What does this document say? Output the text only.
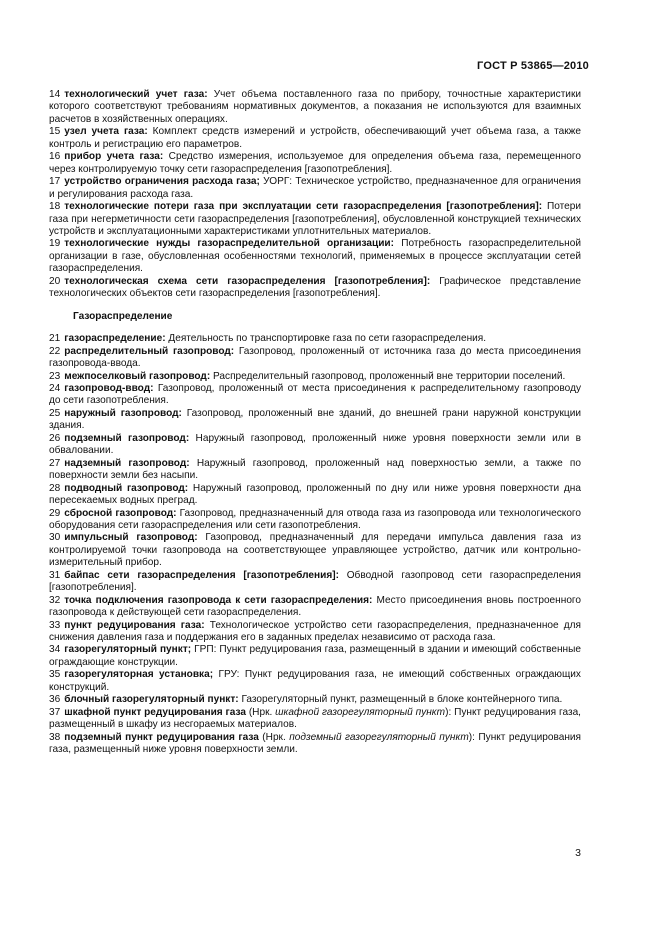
ГОСТ Р 53865—2010

14 технологический учет газа: Учет объема поставленного газа по прибору, точностные характеристики которого соответствуют требованиям нормативных документов, а показания не используются для взаимных расчетов в хозяйственных операциях.

15 узел учета газа: Комплект средств измерений и устройств, обеспечивающий учет объема газа, а также контроль и регистрацию его параметров.

16 прибор учета газа: Средство измерения, используемое для определения объема газа, перемещенного через контролируемую точку сети газораспределения [газопотребления].

17 устройство ограничения расхода газа; УОРГ: Техническое устройство, предназначенное для ограничения и регулирования расхода газа.

18 технологические потери газа при эксплуатации сети газораспределения [газопотребления]: Потери газа при негерметичности сети газораспределения [газопотребления], обусловленной конструкцией технических устройств и эксплуатационными характеристиками уплотнительных материалов.

19 технологические нужды газораспределительной организации: Потребность газораспределительной организации в газе, обусловленная особенностями технологий, применяемых в процессе эксплуатации сетей газораспределения.

20 технологическая схема сети газораспределения [газопотребления]: Графическое представление технологических объектов сети газораспределения [газопотребления].

Газораспределение

21 газораспределение: Деятельность по транспортировке газа по сети газораспределения.

22 распределительный газопровод: Газопровод, проложенный от источника газа до места присоединения газопровода-ввода.

23 межпоселковый газопровод: Распределительный газопровод, проложенный вне территории поселений.

24 газопровод-ввод: Газопровод, проложенный от места присоединения к распределительному газопроводу до сети газопотребления.

25 наружный газопровод: Газопровод, проложенный вне зданий, до внешней грани наружной конструкции здания.

26 подземный газопровод: Наружный газопровод, проложенный ниже уровня поверхности земли или в обваловании.

27 надземный газопровод: Наружный газопровод, проложенный над поверхностью земли, а также по поверхности земли без насыпи.

28 подводный газопровод: Наружный газопровод, проложенный по дну или ниже уровня поверхности дна пересекаемых водных преград.

29 сбросной газопровод: Газопровод, предназначенный для отвода газа из газопровода или технологического оборудования сети газораспределения или сети газопотребления.

30 импульсный газопровод: Газопровод, предназначенный для передачи импульса давления газа из контролируемой точки газопровода на соответствующее управляющее устройство, датчик или контрольно-измерительный прибор.

31 байпас сети газораспределения [газопотребления]: Обводной газопровод сети газораспределения [газопотребления].

32 точка подключения газопровода к сети газораспределения: Место присоединения вновь построенного газопровода к действующей сети газораспределения.

33 пункт редуцирования газа: Технологическое устройство сети газораспределения, предназначенное для снижения давления газа и поддержания его в заданных пределах независимо от расхода газа.

34 газорегуляторный пункт; ГРП: Пункт редуцирования газа, размещенный в здании и имеющий собственные ограждающие конструкции.

35 газорегуляторная установка; ГРУ: Пункт редуцирования газа, не имеющий собственных ограждающих конструкций.

36 блочный газорегуляторный пункт: Газорегуляторный пункт, размещенный в блоке контейнерного типа.

37 шкафной пункт редуцирования газа (Нрк. шкафной газорегуляторный пункт): Пункт редуцирования газа, размещенный в шкафу из несгораемых материалов.

38 подземный пункт редуцирования газа (Нрк. подземный газорегуляторный пункт): Пункт редуцирования газа, размещенный ниже уровня поверхности земли.

3
